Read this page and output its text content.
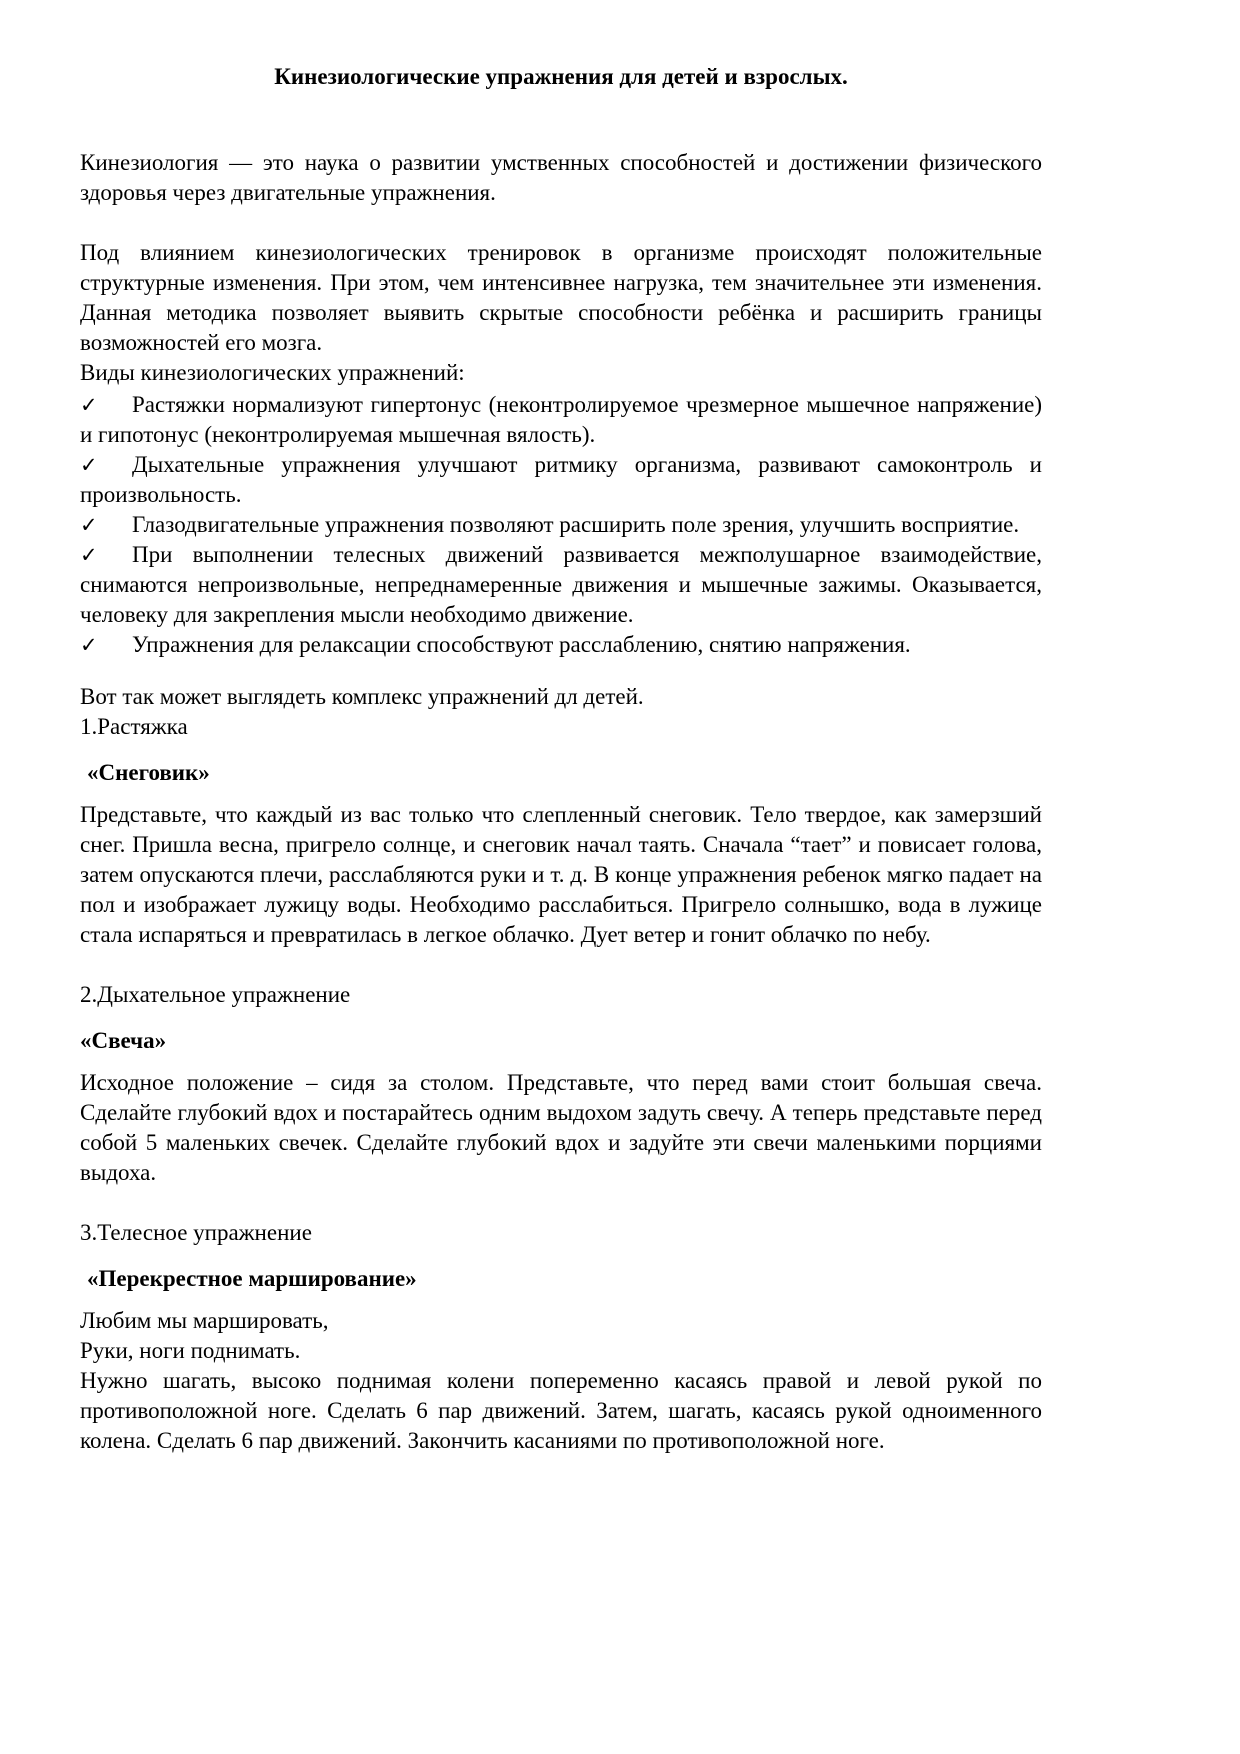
Кинезиологические упражнения для детей и взрослых.

Кинезиология — это наука о развитии умственных способностей и достижении физического здоровья через двигательные упражнения.

Под влиянием кинезиологических тренировок в организме происходят положительные структурные изменения. При этом, чем интенсивнее нагрузка, тем значительнее эти изменения. Данная методика позволяет выявить скрытые способности ребёнка и расширить границы возможностей его мозга.

Виды кинезиологических упражнений:

✓ Растяжки нормализуют гипертонус (неконтролируемое чрезмерное мышечное напряжение) и гипотонус (неконтролируемая мышечная вялость).

✓ Дыхательные упражнения улучшают ритмику организма, развивают самоконтроль и произвольность.

✓ Глазодвигательные упражнения позволяют расширить поле зрения, улучшить восприятие.

✓ При выполнении телесных движений развивается межполушарное взаимодействие, снимаются непроизвольные, непреднамеренные движения и мышечные зажимы. Оказывается, человеку для закрепления мысли необходимо движение.

✓ Упражнения для релаксации способствуют расслаблению, снятию напряжения.

Вот так может выглядеть комплекс упражнений дл детей.

1.Растяжка

«Снеговик»

Представьте, что каждый из вас только что слепленный снеговик. Тело твердое, как замерзший снег. Пришла весна, пригрело солнце, и снеговик начал таять. Сначала “тает” и повисает голова, затем опускаются плечи, расслабляются руки и т. д. В конце упражнения ребенок мягко падает на пол и изображает лужицу воды. Необходимо расслабиться. Пригрело солнышко, вода в лужице стала испаряться и превратилась в легкое облачко. Дует ветер и гонит облачко по небу.

2.Дыхательное упражнение

«Свеча»

Исходное положение – сидя за столом. Представьте, что перед вами стоит большая свеча. Сделайте глубокий вдох и постарайтесь одним выдохом задуть свечу. А теперь представьте перед собой 5 маленьких свечек. Сделайте глубокий вдох и задуйте эти свечи маленькими порциями выдоха.

3.Телесное упражнение

«Перекрестное марширование»

Любим мы маршировать,

Руки, ноги поднимать.

Нужно шагать, высоко поднимая колени попеременно касаясь правой и левой рукой по противоположной ноге. Сделать 6 пар движений. Затем, шагать, касаясь рукой одноименного колена. Сделать 6 пар движений. Закончить касаниями по противоположной ноге.
